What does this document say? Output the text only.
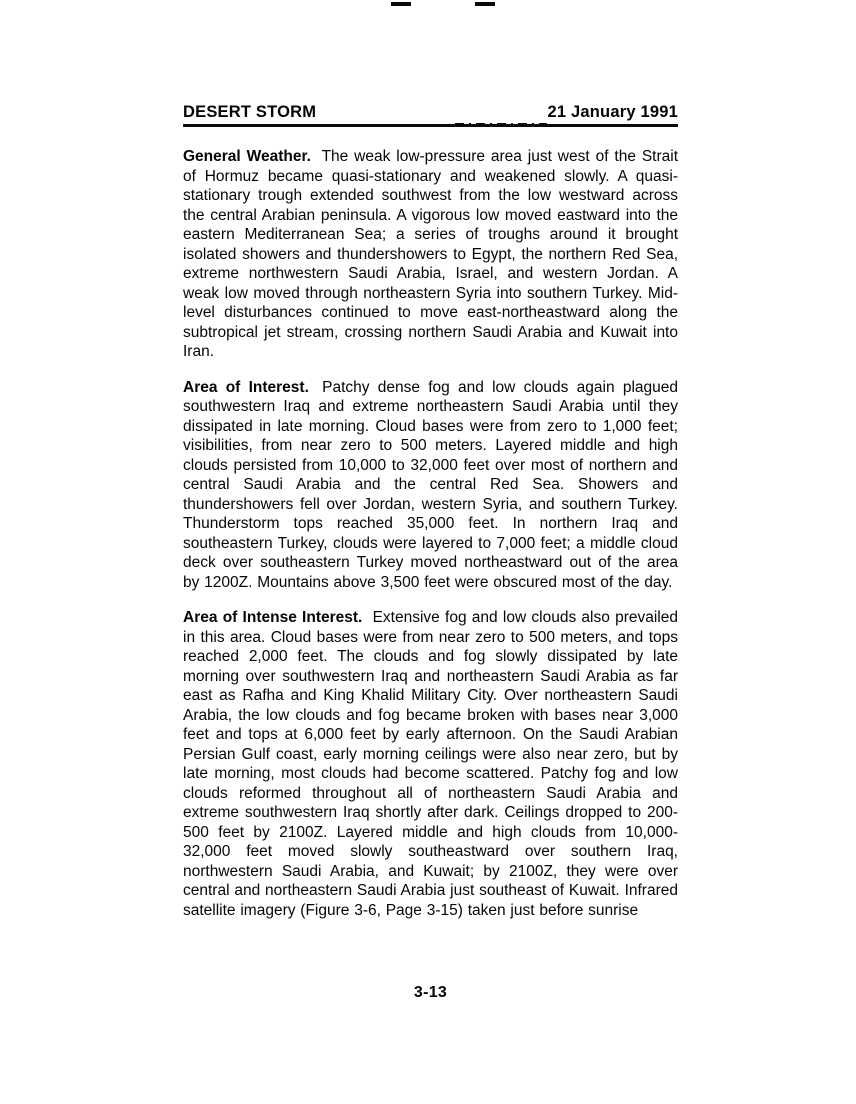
DESERT STORM	21 January 1991

General Weather. The weak low-pressure area just west of the Strait of Hormuz became quasi-stationary and weakened slowly. A quasi-stationary trough extended southwest from the low westward across the central Arabian peninsula. A vigorous low moved eastward into the eastern Mediterranean Sea; a series of troughs around it brought isolated showers and thundershowers to Egypt, the northern Red Sea, extreme northwestern Saudi Arabia, Israel, and western Jordan. A weak low moved through northeastern Syria into southern Turkey. Mid-level disturbances continued to move east-northeastward along the subtropical jet stream, crossing northern Saudi Arabia and Kuwait into Iran.

Area of Interest. Patchy dense fog and low clouds again plagued southwestern Iraq and extreme northeastern Saudi Arabia until they dissipated in late morning. Cloud bases were from zero to 1,000 feet; visibilities, from near zero to 500 meters. Layered middle and high clouds persisted from 10,000 to 32,000 feet over most of northern and central Saudi Arabia and the central Red Sea. Showers and thundershowers fell over Jordan, western Syria, and southern Turkey. Thunderstorm tops reached 35,000 feet. In northern Iraq and southeastern Turkey, clouds were layered to 7,000 feet; a middle cloud deck over southeastern Turkey moved northeastward out of the area by 1200Z. Mountains above 3,500 feet were obscured most of the day.

Area of Intense Interest. Extensive fog and low clouds also prevailed in this area. Cloud bases were from near zero to 500 meters, and tops reached 2,000 feet. The clouds and fog slowly dissipated by late morning over southwestern Iraq and northeastern Saudi Arabia as far east as Rafha and King Khalid Military City. Over northeastern Saudi Arabia, the low clouds and fog became broken with bases near 3,000 feet and tops at 6,000 feet by early afternoon. On the Saudi Arabian Persian Gulf coast, early morning ceilings were also near zero, but by late morning, most clouds had become scattered. Patchy fog and low clouds reformed throughout all of northeastern Saudi Arabia and extreme southwestern Iraq shortly after dark. Ceilings dropped to 200-500 feet by 2100Z. Layered middle and high clouds from 10,000-32,000 feet moved slowly southeastward over southern Iraq, northwestern Saudi Arabia, and Kuwait; by 2100Z, they were over central and northeastern Saudi Arabia just southeast of Kuwait. Infrared satellite imagery (Figure 3-6, Page 3-15) taken just before sunrise

3-13
